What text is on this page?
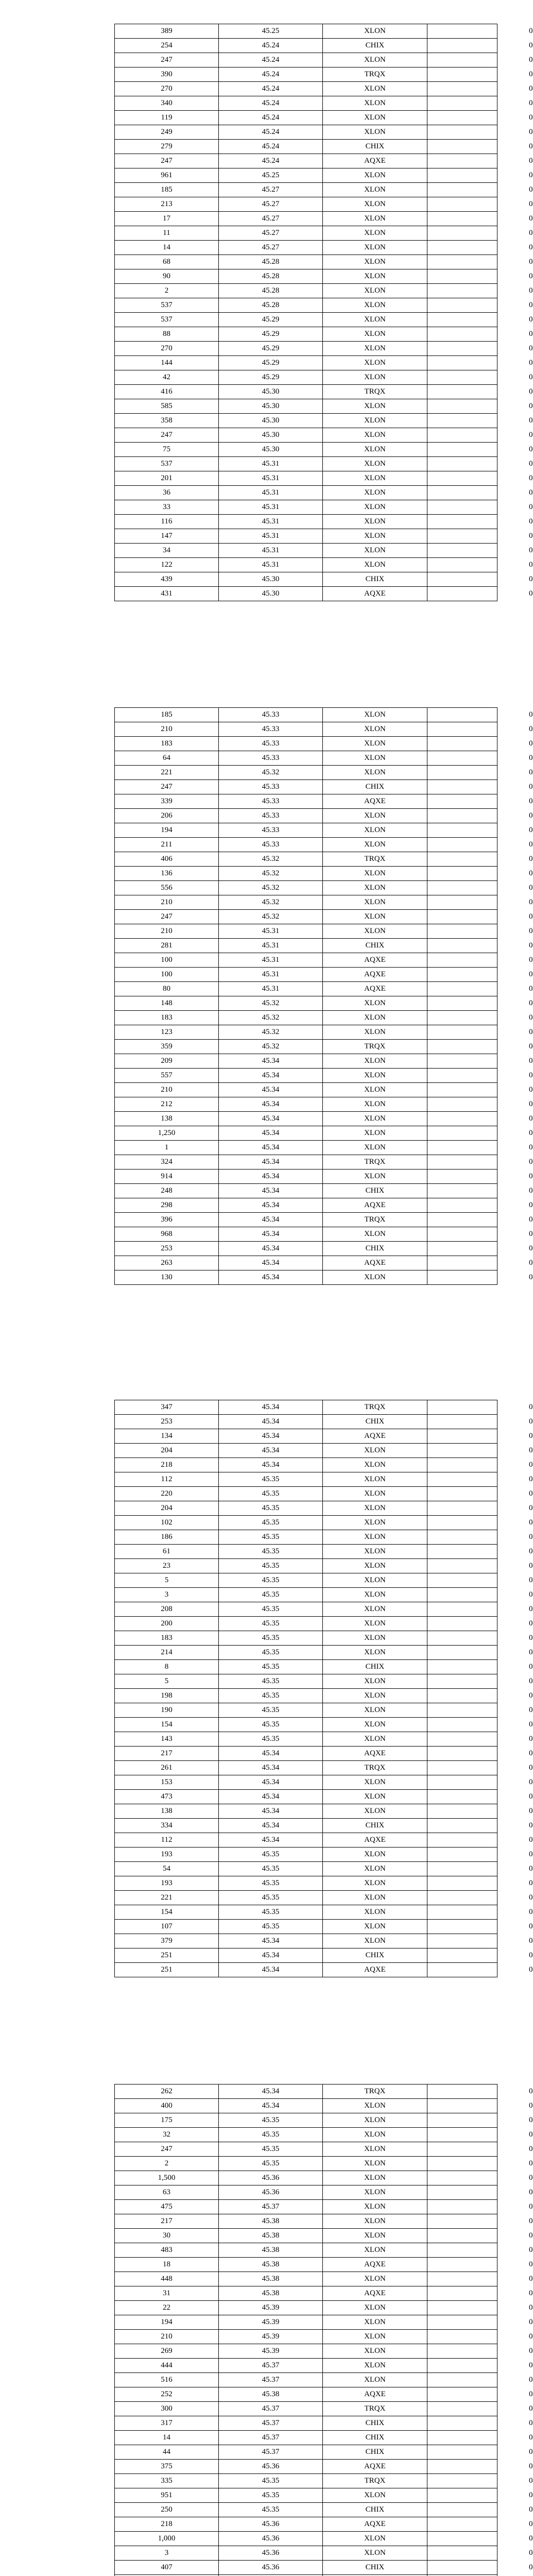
389	45.25	XLON	0
254	45.24	CHIX	0
247	45.24	XLON	0
390	45.24	TRQX	0
270	45.24	XLON	0
340	45.24	XLON	0
119	45.24	XLON	0
249	45.24	XLON	0
279	45.24	CHIX	0
247	45.24	AQXE	0
961	45.25	XLON	0
185	45.27	XLON	0
213	45.27	XLON	0
17	45.27	XLON	0
11	45.27	XLON	0
14	45.27	XLON	0
68	45.28	XLON	0
90	45.28	XLON	0
2	45.28	XLON	0
537	45.28	XLON	0
537	45.29	XLON	0
88	45.29	XLON	0
270	45.29	XLON	0
144	45.29	XLON	0
42	45.29	XLON	0
416	45.30	TRQX	0
585	45.30	XLON	0
358	45.30	XLON	0
247	45.30	XLON	0
75	45.30	XLON	0
537	45.31	XLON	0
201	45.31	XLON	0
36	45.31	XLON	0
33	45.31	XLON	0
116	45.31	XLON	0
147	45.31	XLON	0
34	45.31	XLON	0
122	45.31	XLON	0
439	45.30	CHIX	0
431	45.30	AQXE	0
185	45.33	XLON	0
210	45.33	XLON	0
183	45.33	XLON	0
64	45.33	XLON	0
221	45.32	XLON	0
247	45.33	CHIX	0
339	45.33	AQXE	0
206	45.33	XLON	0
194	45.33	XLON	0
211	45.33	XLON	0
406	45.32	TRQX	0
136	45.32	XLON	0
556	45.32	XLON	0
210	45.32	XLON	0
247	45.32	XLON	0
210	45.31	XLON	0
281	45.31	CHIX	0
100	45.31	AQXE	0
100	45.31	AQXE	0
80	45.31	AQXE	0
148	45.32	XLON	0
183	45.32	XLON	0
123	45.32	XLON	0
359	45.32	TRQX	0
209	45.34	XLON	0
557	45.34	XLON	0
210	45.34	XLON	0
212	45.34	XLON	0
138	45.34	XLON	0
1,250	45.34	XLON	0
1	45.34	XLON	0
324	45.34	TRQX	0
914	45.34	XLON	0
248	45.34	CHIX	0
298	45.34	AQXE	0
396	45.34	TRQX	0
968	45.34	XLON	0
253	45.34	CHIX	0
263	45.34	AQXE	0
130	45.34	XLON	0
347	45.34	TRQX	0
253	45.34	CHIX	0
134	45.34	AQXE	0
204	45.34	XLON	0
218	45.34	XLON	0
112	45.35	XLON	0
220	45.35	XLON	0
204	45.35	XLON	0
102	45.35	XLON	0
186	45.35	XLON	0
61	45.35	XLON	0
23	45.35	XLON	0
5	45.35	XLON	0
3	45.35	XLON	0
208	45.35	XLON	0
200	45.35	XLON	0
183	45.35	XLON	0
214	45.35	XLON	0
8	45.35	CHIX	0
5	45.35	XLON	0
198	45.35	XLON	0
190	45.35	XLON	0
154	45.35	XLON	0
143	45.35	XLON	0
217	45.34	AQXE	0
261	45.34	TRQX	0
153	45.34	XLON	0
473	45.34	XLON	0
138	45.34	XLON	0
334	45.34	CHIX	0
112	45.34	AQXE	0
193	45.35	XLON	0
54	45.35	XLON	0
193	45.35	XLON	0
221	45.35	XLON	0
154	45.35	XLON	0
107	45.35	XLON	0
379	45.34	XLON	0
251	45.34	CHIX	0
251	45.34	AQXE	0
262	45.34	TRQX	0
400	45.34	XLON	0
175	45.35	XLON	0
32	45.35	XLON	0
247	45.35	XLON	0
2	45.35	XLON	0
1,500	45.36	XLON	0
63	45.36	XLON	0
475	45.37	XLON	0
217	45.38	XLON	0
30	45.38	XLON	0
483	45.38	XLON	0
18	45.38	AQXE	0
448	45.38	XLON	0
31	45.38	AQXE	0
22	45.39	XLON	0
194	45.39	XLON	0
210	45.39	XLON	0
269	45.39	XLON	0
444	45.37	XLON	0
516	45.37	XLON	0
252	45.38	AQXE	0
300	45.37	TRQX	0
317	45.37	CHIX	0
14	45.37	CHIX	0
44	45.37	CHIX	0
375	45.36	AQXE	0
335	45.35	TRQX	0
951	45.35	XLON	0
250	45.35	CHIX	0
218	45.36	AQXE	0
1,000	45.36	XLON	0
3	45.36	XLON	0
407	45.36	CHIX	0
